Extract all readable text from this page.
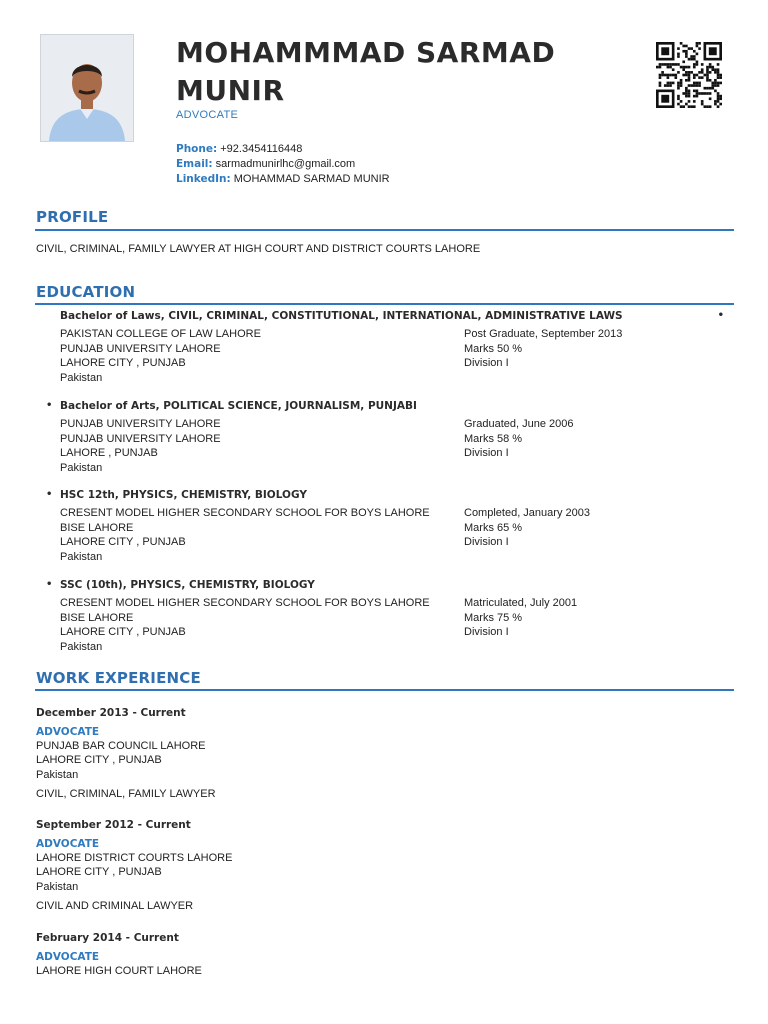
MOHAMMMAD SARMAD MUNIR
ADVOCATE
Phone: +92.3454116448
Email: sarmadmunirlhc@gmail.com
LinkedIn: MOHAMMAD SARMAD MUNIR
PROFILE
CIVIL, CRIMINAL, FAMILY LAWYER AT HIGH COURT AND DISTRICT COURTS LAHORE
EDUCATION
Bachelor of Laws, CIVIL, CRIMINAL, CONSTITUTIONAL, INTERNATIONAL, ADMINISTRATIVE LAWS	•
PAKISTAN COLLEGE OF LAW LAHORE
PUNJAB UNIVERSITY LAHORE
LAHORE CITY , PUNJAB
Pakistan
Post Graduate, September 2013
Marks 50 %
Division I
• Bachelor of Arts, POLITICAL SCIENCE, JOURNALISM, PUNJABI
PUNJAB UNIVERSITY LAHORE
PUNJAB UNIVERSITY LAHORE
LAHORE , PUNJAB
Pakistan
Graduated, June 2006
Marks 58 %
Division I
• HSC 12th, PHYSICS, CHEMISTRY, BIOLOGY
CRESENT MODEL HIGHER SECONDARY SCHOOL FOR BOYS LAHORE
BISE LAHORE
LAHORE CITY , PUNJAB
Pakistan
Completed, January 2003
Marks 65 %
Division I
• SSC (10th), PHYSICS, CHEMISTRY, BIOLOGY
CRESENT MODEL HIGHER SECONDARY SCHOOL FOR BOYS LAHORE
BISE LAHORE
LAHORE CITY , PUNJAB
Pakistan
Matriculated, July 2001
Marks 75 %
Division I
WORK EXPERIENCE
December 2013 - Current
ADVOCATE
PUNJAB BAR COUNCIL LAHORE
LAHORE CITY , PUNJAB
Pakistan
CIVIL, CRIMINAL, FAMILY LAWYER
September 2012 - Current
ADVOCATE
LAHORE DISTRICT COURTS LAHORE
LAHORE CITY , PUNJAB
Pakistan
CIVIL AND CRIMINAL LAWYER
February 2014 - Current
ADVOCATE
LAHORE HIGH COURT LAHORE
